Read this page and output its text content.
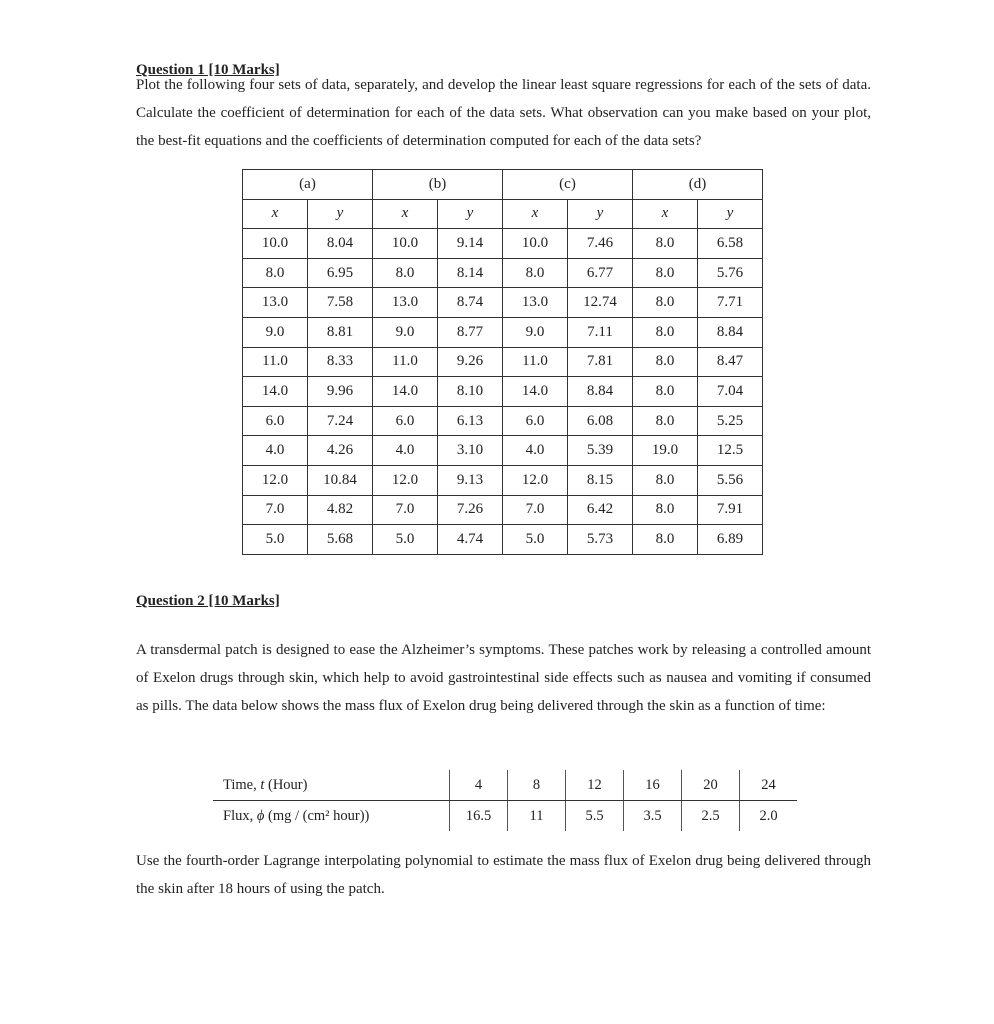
Question 1 [10 Marks]
Plot the following four sets of data, separately, and develop the linear least square regressions for each of the sets of data. Calculate the coefficient of determination for each of the data sets. What observation can you make based on your plot, the best-fit equations and the coefficients of determination computed for each of the data sets?
(a)		(b)		(c)		(d)	
x	y	x	y	x	y	x	y
10.0	8.04	10.0	9.14	10.0	7.46	8.0	6.58
8.0	6.95	8.0	8.14	8.0	6.77	8.0	5.76
13.0	7.58	13.0	8.74	13.0	12.74	8.0	7.71
9.0	8.81	9.0	8.77	9.0	7.11	8.0	8.84
11.0	8.33	11.0	9.26	11.0	7.81	8.0	8.47
14.0	9.96	14.0	8.10	14.0	8.84	8.0	7.04
6.0	7.24	6.0	6.13	6.0	6.08	8.0	5.25
4.0	4.26	4.0	3.10	4.0	5.39	19.0	12.5
12.0	10.84	12.0	9.13	12.0	8.15	8.0	5.56
7.0	4.82	7.0	7.26	7.0	6.42	8.0	7.91
5.0	5.68	5.0	4.74	5.0	5.73	8.0	6.89
Question 2 [10 Marks]
A transdermal patch is designed to ease the Alzheimer’s symptoms. These patches work by releasing a controlled amount of Exelon drugs through skin, which help to avoid gastrointestinal side effects such as nausea and vomiting if consumed as pills. The data below shows the mass flux of Exelon drug being delivered through the skin as a function of time:
Time, t (Hour)	4	8	12	16	20	24
Flux, ϕ (mg / (cm² hour))	16.5	11	5.5	3.5	2.5	2.0
Use the fourth-order Lagrange interpolating polynomial to estimate the mass flux of Exelon drug being delivered through the skin after 18 hours of using the patch.
